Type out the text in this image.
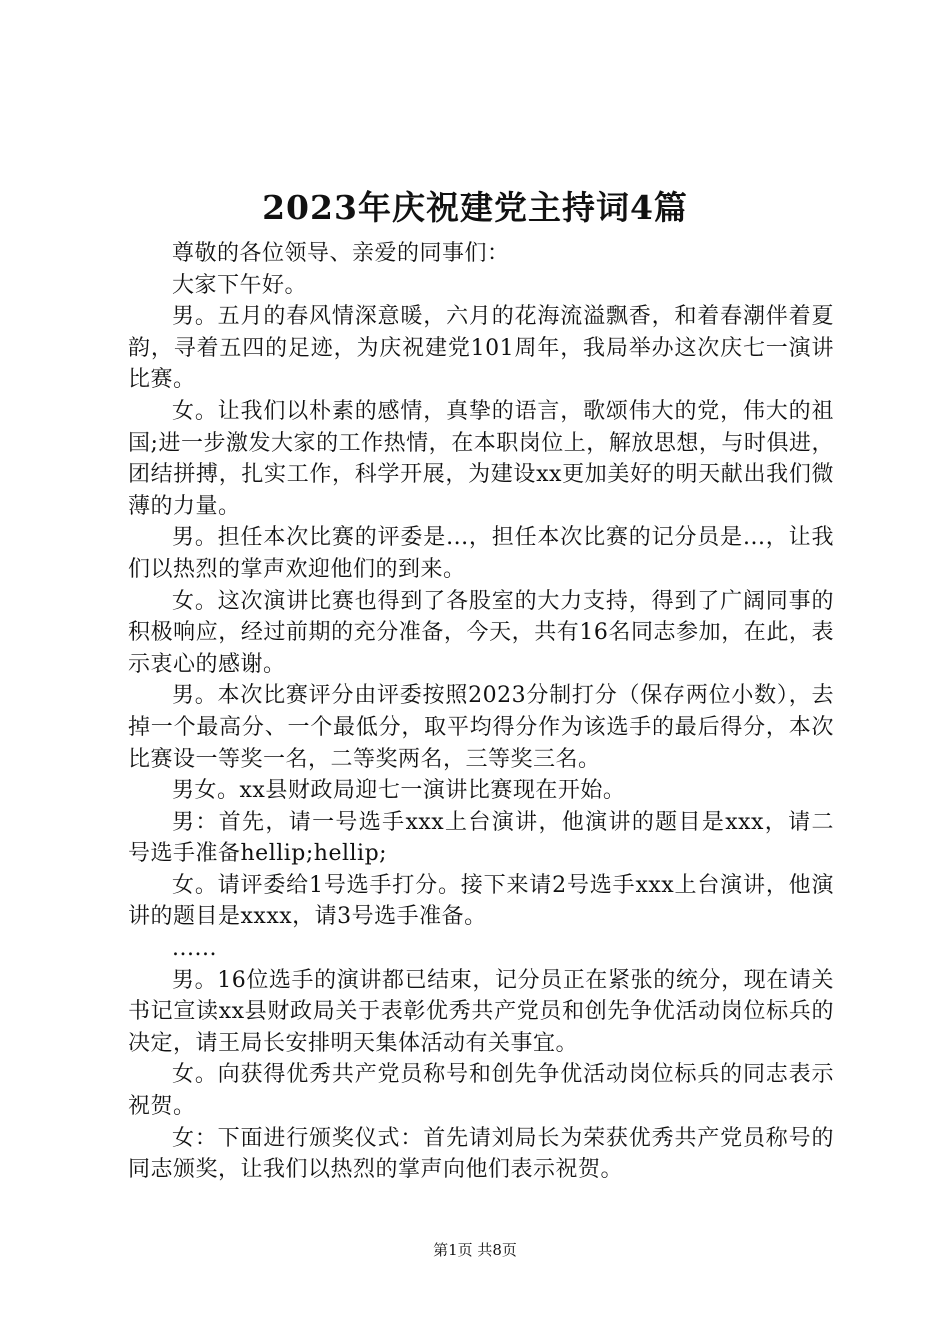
2023年庆祝建党主持词4篇

尊敬的各位领导、亲爱的同事们：

大家下午好。

男。五月的春风情深意暖，六月的花海流溢飘香，和着春潮伴着夏韵，寻着五四的足迹，为庆祝建党101周年，我局举办这次庆七一演讲比赛。

女。让我们以朴素的感情，真挚的语言，歌颂伟大的党，伟大的祖国;进一步激发大家的工作热情，在本职岗位上，解放思想，与时俱进，团结拼搏，扎实工作，科学开展，为建设xx更加美好的明天献出我们微薄的力量。

男。担任本次比赛的评委是...，担任本次比赛的记分员是...，让我们以热烈的掌声欢迎他们的到来。

女。这次演讲比赛也得到了各股室的大力支持，得到了广阔同事的积极响应，经过前期的充分准备，今天，共有16名同志参加，在此，表示衷心的感谢。

男。本次比赛评分由评委按照2023分制打分（保存两位小数），去掉一个最高分、一个最低分，取平均得分作为该选手的最后得分，本次比赛设一等奖一名，二等奖两名，三等奖三名。

男女。xx县财政局迎七一演讲比赛现在开始。

男：首先，请一号选手xxx上台演讲，他演讲的题目是xxx，请二号选手准备hellip;hellip;

女。请评委给1号选手打分。接下来请2号选手xxx上台演讲，他演讲的题目是xxxx，请3号选手准备。

......

男。16位选手的演讲都已结束，记分员正在紧张的统分，现在请关书记宣读xx县财政局关于表彰优秀共产党员和创先争优活动岗位标兵的决定，请王局长安排明天集体活动有关事宜。

女。向获得优秀共产党员称号和创先争优活动岗位标兵的同志表示祝贺。

女：下面进行颁奖仪式：首先请刘局长为荣获优秀共产党员称号的同志颁奖，让我们以热烈的掌声向他们表示祝贺。

第1页 共8页
